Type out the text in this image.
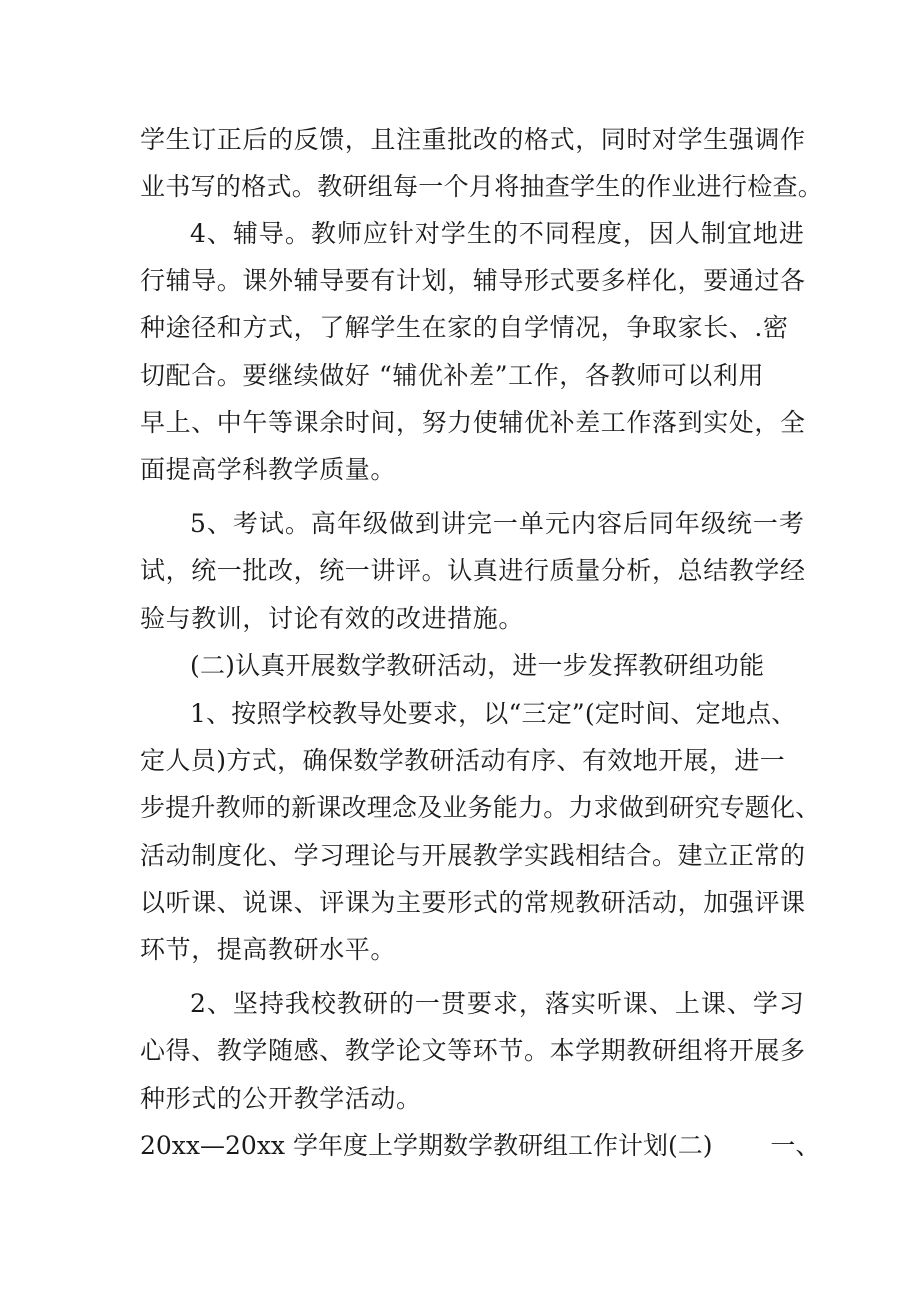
学生订正后的反馈，且注重批改的格式，同时对学生强调作
业书写的格式。教研组每一个月将抽查学生的作业进行检查。
4、辅导。教师应针对学生的不同程度，因人制宜地进
行辅导。课外辅导要有计划，辅导形式要多样化，要通过各
种途径和方式，了解学生在家的自学情况，争取家长、.密
切配合。要继续做好 “辅优补差”工作，各教师可以利用
早上、中午等课余时间，努力使辅优补差工作落到实处，全
面提高学科教学质量。
5、考试。高年级做到讲完一单元内容后同年级统一考
试，统一批改，统一讲评。认真进行质量分析，总结教学经
验与教训，讨论有效的改进措施。
(二)认真开展数学教研活动，进一步发挥教研组功能
1、按照学校教导处要求，以“三定”(定时间、定地点、
定人员)方式，确保数学教研活动有序、有效地开展，进一
步提升教师的新课改理念及业务能力。力求做到研究专题化、
活动制度化、学习理论与开展教学实践相结合。建立正常的
以听课、说课、评课为主要形式的常规教研活动，加强评课
环节，提高教研水平。
2、坚持我校教研的一贯要求，落实听课、上课、学习
心得、教学随感、教学论文等环节。本学期教研组将开展多
种形式的公开教学活动。
20xx—20xx 学年度上学期数学教研组工作计划(二)　　 一、
